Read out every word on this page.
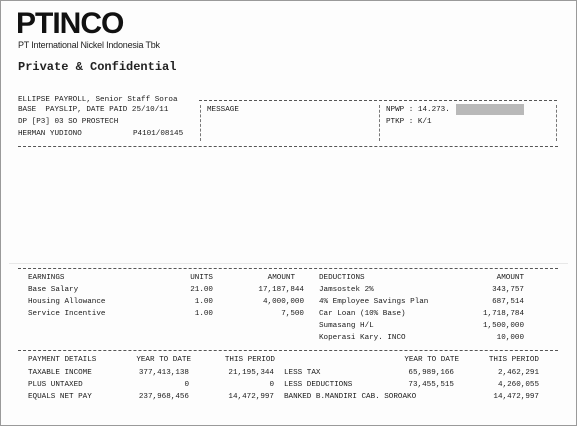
PTINCO
PT International Nickel Indonesia Tbk
Private & Confidential
ELLIPSE PAYROLL, Senior Staff Soroa
BASE  PAYSLIP, DATE PAID 25/10/11
DP [P3] 03 SO PROSTECH
HERMAN YUDIONO	P4101/08145
MESSAGE	NPWP : 14.273.
PTKP : K/1
EARNINGS	UNITS	AMOUNT	DEDUCTIONS	AMOUNT
Base Salary	21.00	17,187,844
Housing Allowance	1.00	4,000,000
Service Incentive	1.00	7,500
Jamsostek 2%	343,757
4% Employee Savings Plan	687,514
Car Loan (10% Base)	1,718,784
Sumasang H/L	1,500,000
Koperasi Kary. INCO	10,000
PAYMENT DETAILS	YEAR TO DATE	THIS PERIOD	YEAR TO DATE	THIS PERIOD
TAXABLE INCOME	377,413,138	21,195,344 LESS TAX	65,989,166	2,462,291
PLUS UNTAXED	0	0 LESS DEDUCTIONS	73,455,515	4,260,055
EQUALS NET PAY	237,968,456	14,472,997 BANKED B.MANDIRI CAB. SOROAKO	14,472,997
